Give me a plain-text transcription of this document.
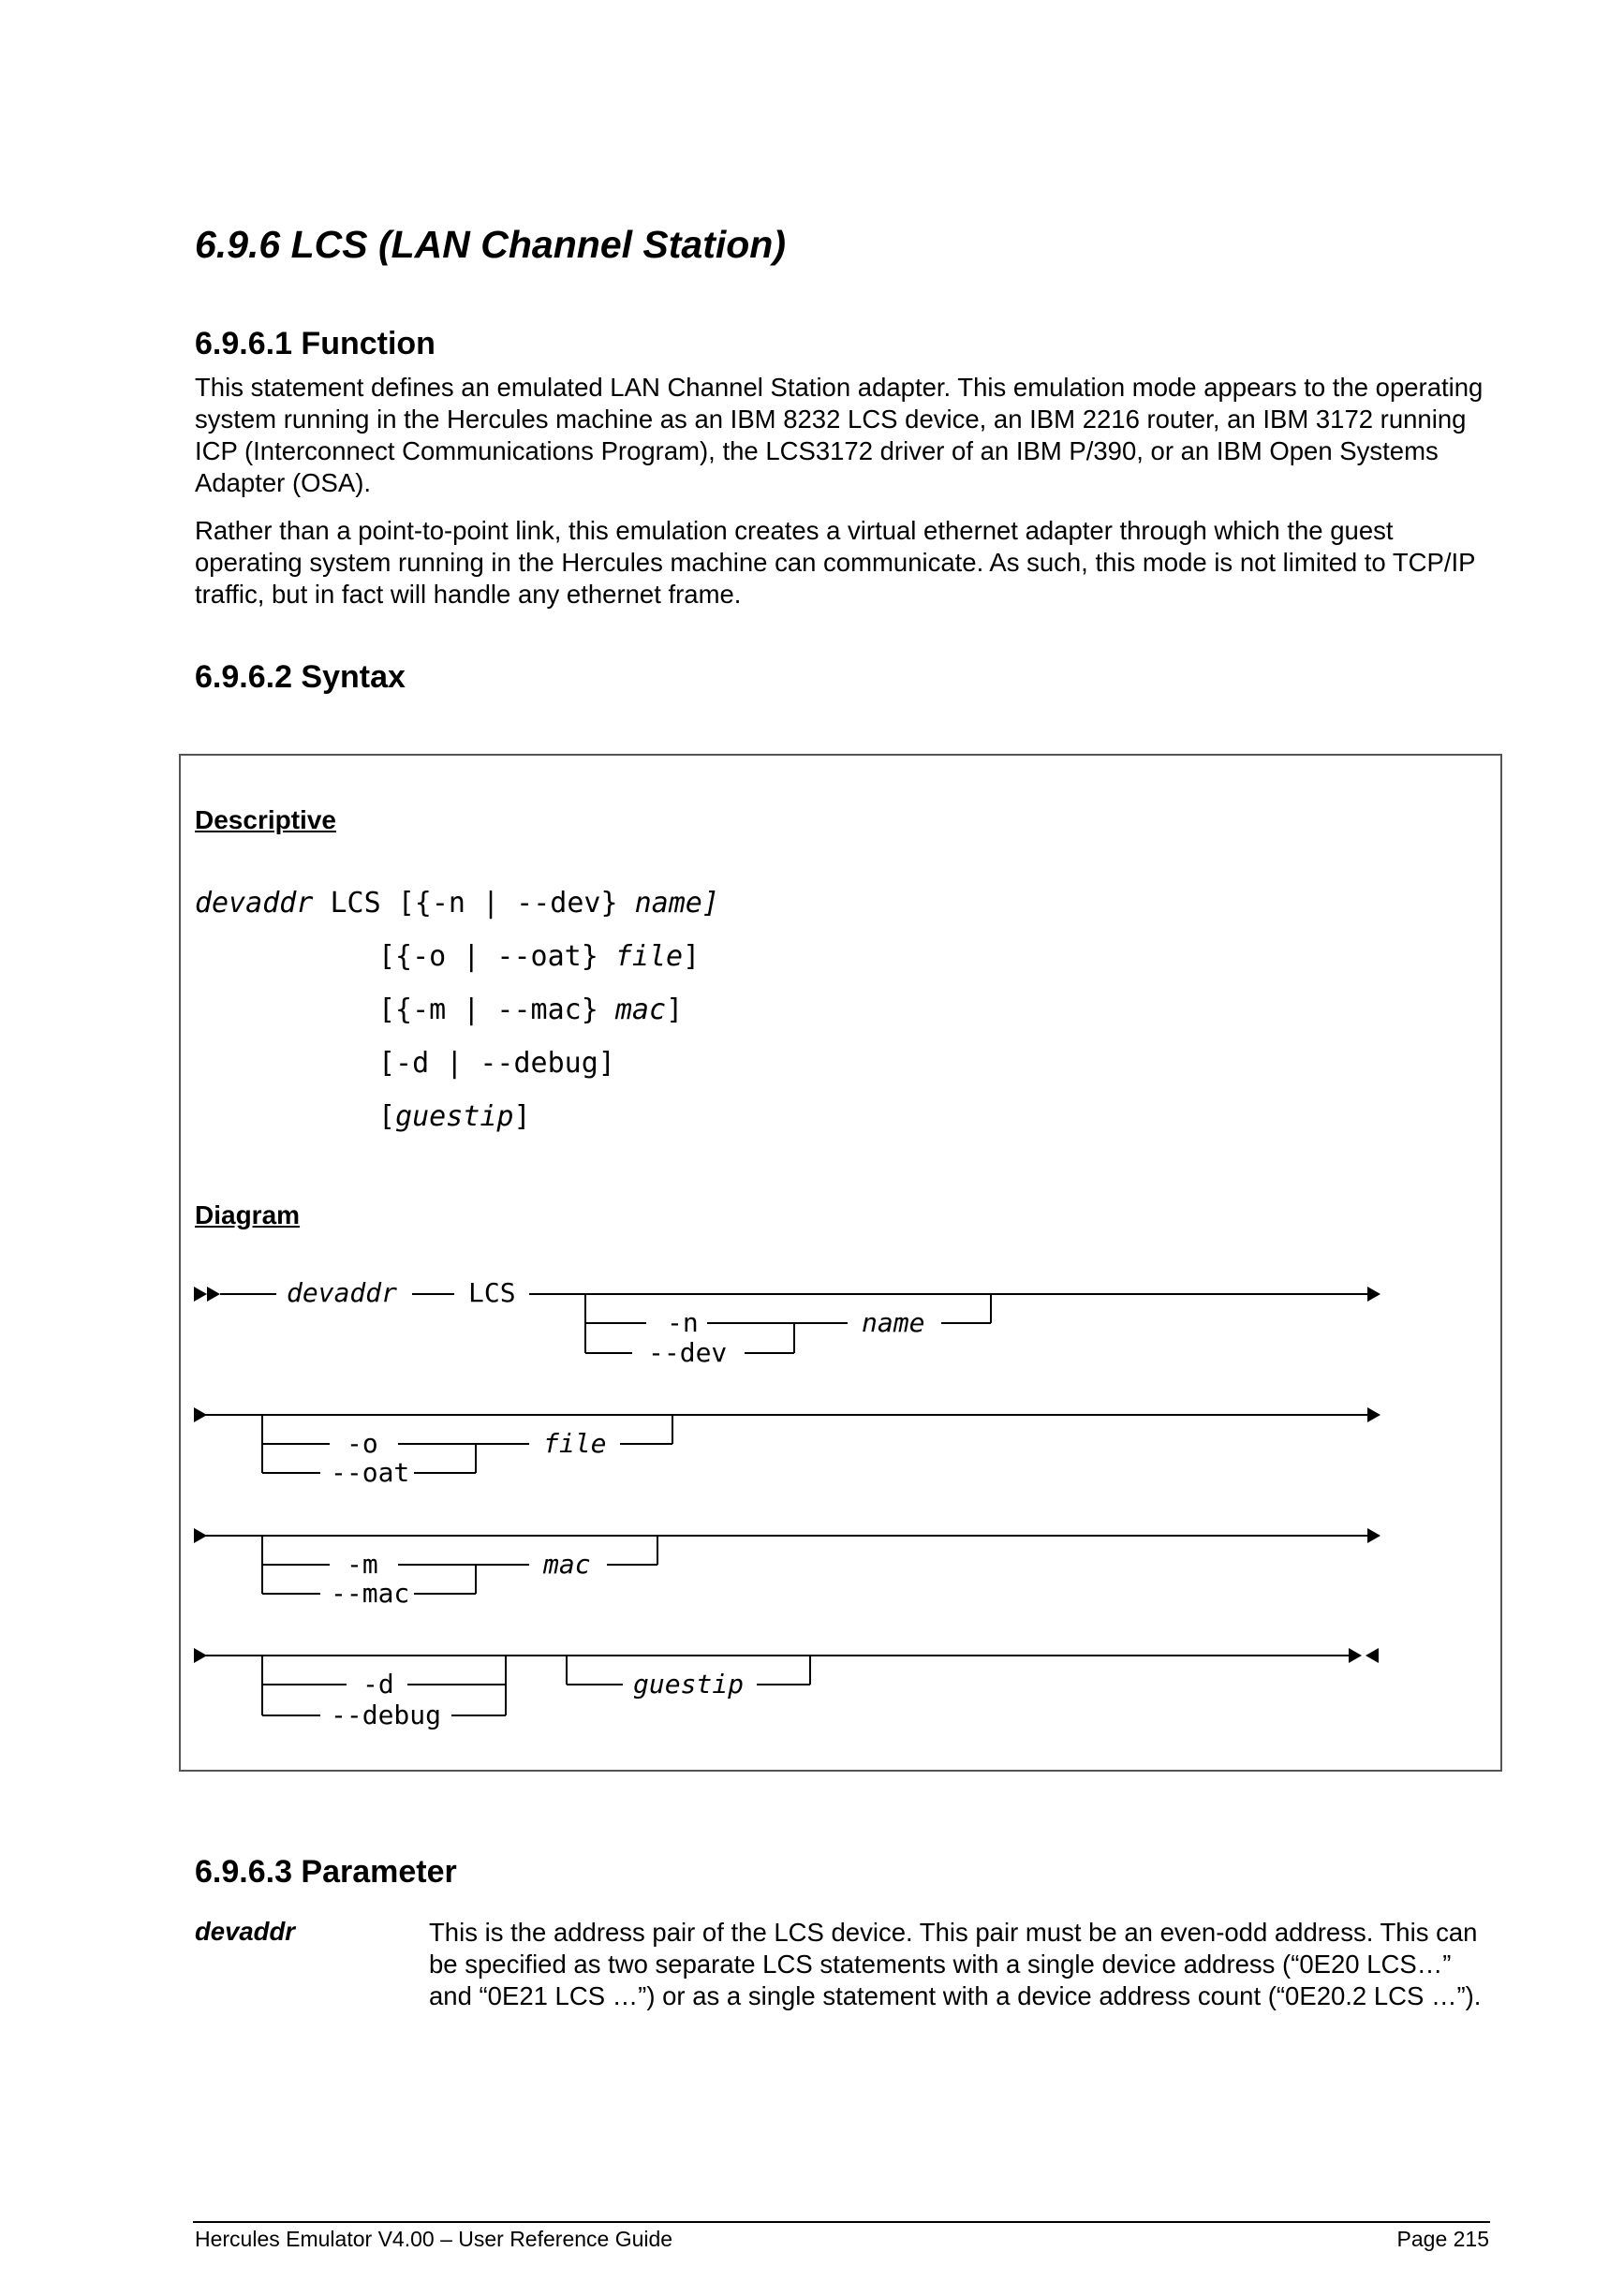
6.9.6 LCS (LAN Channel Station)
6.9.6.1 Function

This statement defines an emulated LAN Channel Station adapter. This emulation mode appears to the operating system running in the Hercules machine as an IBM 8232 LCS device, an IBM 2216 router, an IBM 3172 running ICP (Interconnect Communications Program), the LCS3172 driver of an IBM P/390, or an IBM Open Systems Adapter (OSA).

Rather than a point-to-point link, this emulation creates a virtual ethernet adapter through which the guest operating system running in the Hercules machine can communicate. As such, this mode is not limited to TCP/IP traffic, but in fact will handle any ethernet frame.

6.9.6.2 Syntax

Descriptive

devaddr LCS [{-n | --dev} name]
[{-o | --oat} file]
[{-m | --mac} mac]
[-d | --debug]
[guestip]

Diagram

devaddr	LCS
-n
--dev
name
-o
--oat
file
-m
--mac
mac
-d
--debug
guestip
6.9.6.3 Parameter

devaddr	This is the address pair of the LCS device. This pair must be an even-odd address. This can be specified as two separate LCS statements with a single device address (“0E20 LCS…” and “0E21 LCS …”) or as a single statement with a device address count (“0E20.2 LCS …”).

Hercules Emulator V4.00 – User Reference Guide	Page 215
